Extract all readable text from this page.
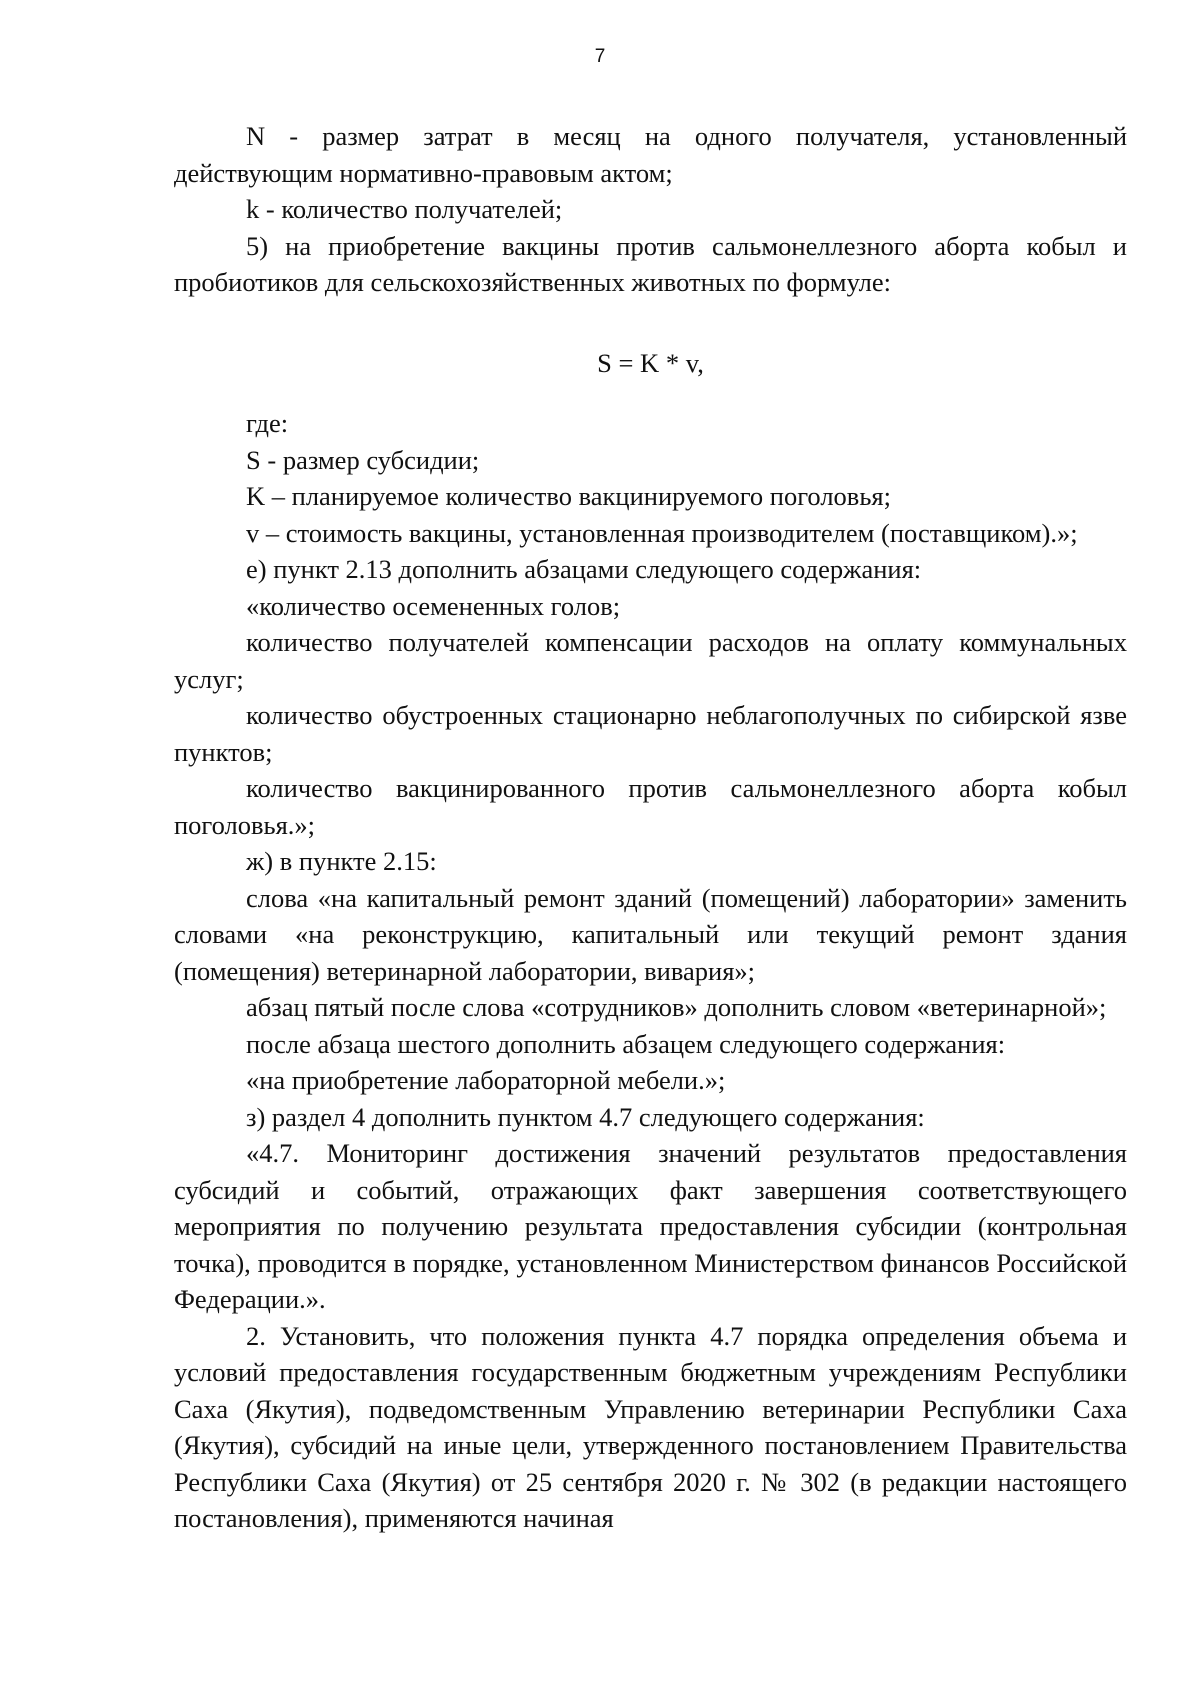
7

N - размер затрат в месяц на одного получателя, установленный действующим нормативно-правовым актом;

k - количество получателей;

5) на приобретение вакцины против сальмонеллезного аборта кобыл и пробиотиков для сельскохозяйственных животных по формуле:

S = K * v,

где:

S - размер субсидии;

K – планируемое количество вакцинируемого поголовья;

v – стоимость вакцины, установленная производителем (поставщиком).»;

е) пункт 2.13 дополнить абзацами следующего содержания:

«количество осемененных голов;

количество получателей компенсации расходов на оплату коммунальных услуг;

количество обустроенных стационарно неблагополучных по сибирской язве пунктов;

количество вакцинированного против сальмонеллезного аборта кобыл поголовья.»;

ж) в пункте 2.15:

слова «на капитальный ремонт зданий (помещений) лаборатории» заменить словами «на реконструкцию, капитальный или текущий ремонт здания (помещения) ветеринарной лаборатории, вивария»;

абзац пятый после слова «сотрудников» дополнить словом «ветеринарной»;

после абзаца шестого дополнить абзацем следующего содержания:

«на приобретение лабораторной мебели.»;

з) раздел 4 дополнить пунктом 4.7 следующего содержания:

«4.7. Мониторинг достижения значений результатов предоставления субсидий и событий, отражающих факт завершения соответствующего мероприятия по получению результата предоставления субсидии (контрольная точка), проводится в порядке, установленном Министерством финансов Российской Федерации.».

2. Установить, что положения пункта 4.7 порядка определения объема и условий предоставления государственным бюджетным учреждениям Республики Саха (Якутия), подведомственным Управлению ветеринарии Республики Саха (Якутия), субсидий на иные цели, утвержденного постановлением Правительства Республики Саха (Якутия) от 25 сентября 2020 г. № 302 (в редакции настоящего постановления), применяются начиная
